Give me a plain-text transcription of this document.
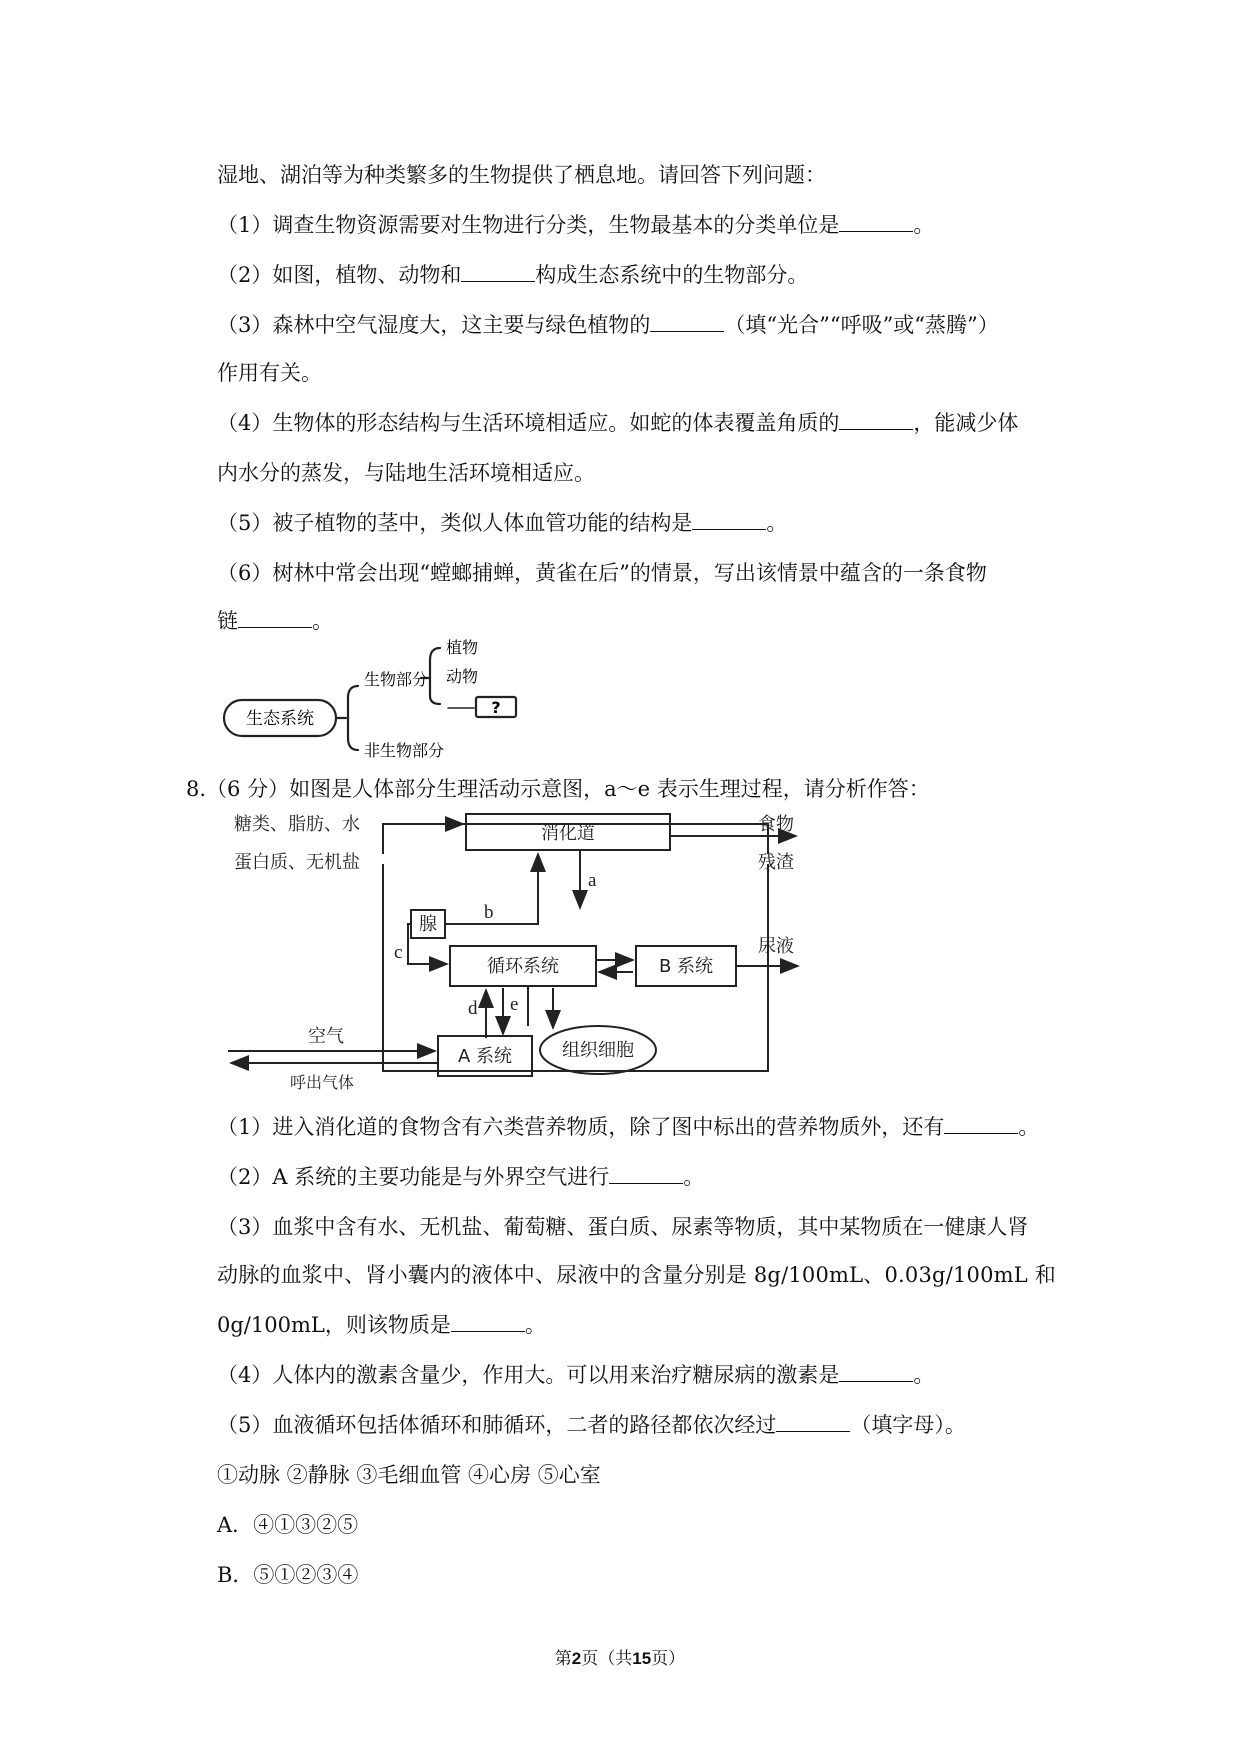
湿地、湖泊等为种类繁多的生物提供了栖息地。请回答下列问题：
（1）调查生物资源需要对生物进行分类，生物最基本的分类单位是	。
（2）如图，植物、动物和	构成生态系统中的生物部分。
（3）森林中空气湿度大，这主要与绿色植物的	（填“光合”“呼吸”或“蒸腾”）
作用有关。
（4）生物体的形态结构与生活环境相适应。如蛇的体表覆盖角质的	，能减少体
内水分的蒸发，与陆地生活环境相适应。
（5）被子植物的茎中，类似人体血管功能的结构是	。
（6）树林中常会出现“螳螂捕蝉，黄雀在后”的情景，写出该情景中蕴含的一条食物
链	。
生态系统
生物部分
非生物部分
植物
动物
?
8.（6 分）如图是人体部分生理活动示意图，a～e 表示生理过程，请分析作答：
糖类、脂肪、水
蛋白质、无机盐
消化道	食物
残渣
腺
循环系统	B 系统
尿液
A 系统	组织细胞
空气
呼出气体
a
b
c
d e
（1）进入消化道的食物含有六类营养物质，除了图中标出的营养物质外，还有	。
（2）A 系统的主要功能是与外界空气进行	。
（3）血浆中含有水、无机盐、葡萄糖、蛋白质、尿素等物质，其中某物质在一健康人肾
动脉的血浆中、肾小囊内的液体中、尿液中的含量分别是 8g/100mL、0.03g/100mL 和
0g/100mL，则该物质是	。
（4）人体内的激素含量少，作用大。可以用来治疗糖尿病的激素是	。
（5）血液循环包括体循环和肺循环，二者的路径都依次经过	（填字母）。
①动脉 ②静脉 ③毛细血管 ④心房 ⑤心室
A．④①③②⑤
B．⑤①②③④
第2页（共15页）
